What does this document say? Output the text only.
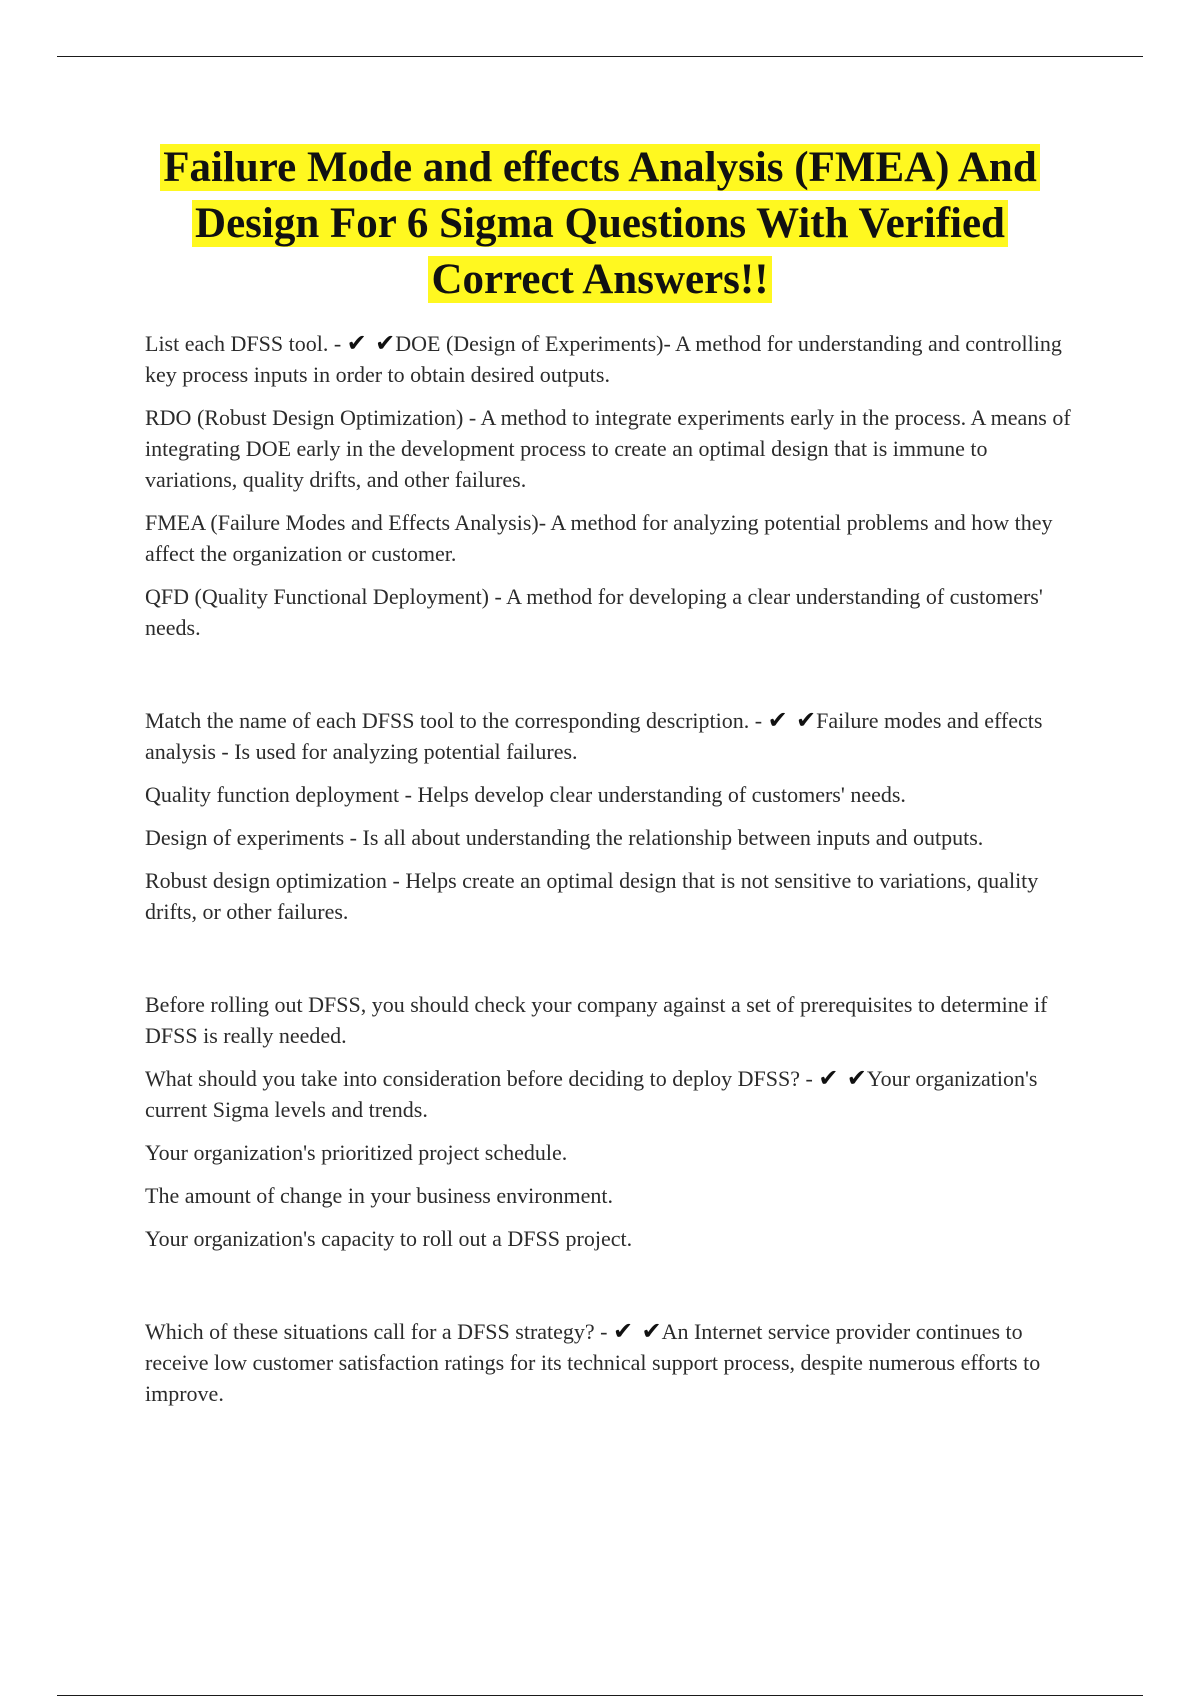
Failure Mode and effects Analysis (FMEA) And Design For 6 Sigma Questions With Verified Correct Answers!!

List each DFSS tool. - ✔ ✔DOE (Design of Experiments)- A method for understanding and controlling key process inputs in order to obtain desired outputs.

RDO (Robust Design Optimization) - A method to integrate experiments early in the process. A means of integrating DOE early in the development process to create an optimal design that is immune to variations, quality drifts, and other failures.

FMEA (Failure Modes and Effects Analysis)- A method for analyzing potential problems and how they affect the organization or customer.

QFD (Quality Functional Deployment) - A method for developing a clear understanding of customers' needs.

Match the name of each DFSS tool to the corresponding description. - ✔ ✔Failure modes and effects analysis - Is used for analyzing potential failures.

Quality function deployment - Helps develop clear understanding of customers' needs.

Design of experiments - Is all about understanding the relationship between inputs and outputs.

Robust design optimization - Helps create an optimal design that is not sensitive to variations, quality drifts, or other failures.

Before rolling out DFSS, you should check your company against a set of prerequisites to determine if DFSS is really needed.

What should you take into consideration before deciding to deploy DFSS? - ✔ ✔Your organization's current Sigma levels and trends.

Your organization's prioritized project schedule.

The amount of change in your business environment.

Your organization's capacity to roll out a DFSS project.

Which of these situations call for a DFSS strategy? - ✔ ✔An Internet service provider continues to receive low customer satisfaction ratings for its technical support process, despite numerous efforts to improve.
